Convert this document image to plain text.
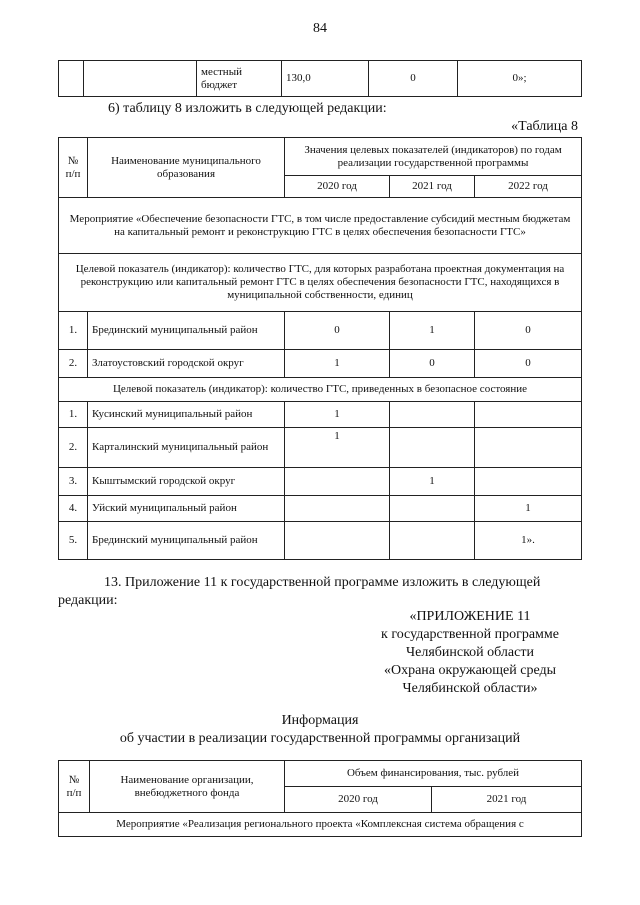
84
		местный бюджет	130,0	0	0»;
6) таблицу 8 изложить в следующей редакции:
«Таблица 8
№ п/п	Наименование муниципального образования	Значения целевых показателей (индикаторов) по годам реализации государственной программы		
		2020 год	2021 год	2022 год
Мероприятие «Обеспечение безопасности ГТС, в том числе предоставление субсидий местным бюджетам на капитальный ремонт и реконструкцию ГТС в целях обеспечения безопасности ГТС»				
Целевой показатель (индикатор): количество ГТС, для которых разработана проектная документация на реконструкцию или капитальный ремонт ГТС в целях обеспечения безопасности ГТС, находящихся в муниципальной собственности, единиц				
1.	Брединский муниципальный район	0	1	0
2.	Златоустовский городской округ	1	0	0
Целевой показатель (индикатор): количество ГТС, приведенных в безопасное состояние				
1.	Кусинский муниципальный район	1		
2.	Карталинский муниципальный район	1		
3.	Кыштымский городской округ		1	
4.	Уйский муниципальный район			1
5.	Брединский муниципальный район			1».
13. Приложение 11 к государственной программе изложить в следующей
редакции:
«ПРИЛОЖЕНИЕ 11
к государственной программе
Челябинской области
«Охрана окружающей среды
Челябинской области»
Информация
об участии в реализации государственной программы организаций
№ п/п	Наименование организации, внебюджетного фонда	Объем финансирования, тыс. рублей	
		2020 год	2021 год
Мероприятие «Реализация регионального проекта «Комплексная система обращения с			
